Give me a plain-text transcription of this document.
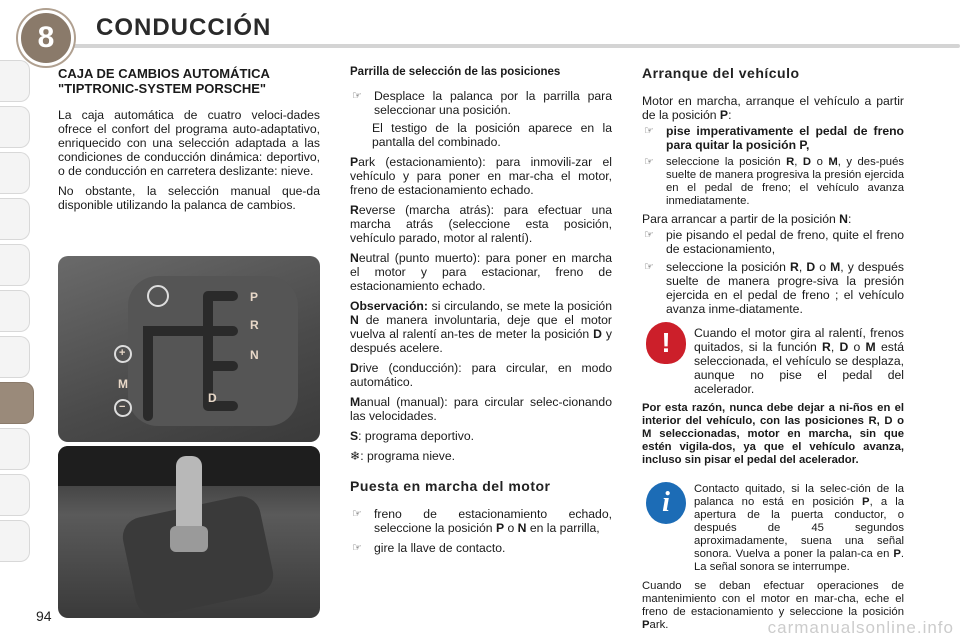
8	CONDUCCIÓN
CAJA DE CAMBIOS AUTOMÁTICA "TIPTRONIC-SYSTEM PORSCHE"

La caja automática de cuatro veloci-dades ofrece el confort del programa auto-adaptativo, enriquecido con una selección adaptada a las condiciones de conducción dinámica: deportivo, o de conducción en carretera deslizante: nieve.

No obstante, la selección manual que-da disponible utilizando la palanca de cambios.

P
R
N
D
M
+
−
Parrilla de selección de las posiciones
☞ Desplace la palanca por la parrilla para seleccionar una posición.

El testigo de la posición aparece en la pantalla del combinado.

Park (estacionamiento): para inmovili-zar el vehículo y para poner en mar-cha el motor, freno de estacionamiento echado.

Reverse (marcha atrás): para efectuar una marcha atrás (seleccione esta posición, vehículo parado, motor al ralentí).

Neutral (punto muerto): para poner en marcha el motor y para estacionar, freno de estacionamiento echado.

Observación: si circulando, se mete la posición N de manera involuntaria, deje que el motor vuelva al ralentí an-tes de meter la posición D y después acelere.

Drive (conducción): para circular, en modo automático.

Manual (manual): para circular selec-cionando las velocidades.

S: programa deportivo.

❄: programa nieve.

Puesta en marcha del motor
☞ freno de estacionamiento echado, seleccione la posición P o N en la parrilla,
☞ gire la llave de contacto.
Arranque del vehículo

Motor en marcha, arranque el vehículo a partir de la posición P:

☞ pise imperativamente el pedal de freno para quitar la posición P,
☞	seleccione la posición R, D o M, y des-pués suelte de manera progresiva la presión ejercida en el pedal de freno; el vehículo avanza inmediatamente.

Para arrancar a partir de la posición N:

☞ pie pisando el pedal de freno, quite el freno de estacionamiento,
☞ seleccione la posición R, D o M, y después suelte de manera progre-siva la presión ejercida en el pedal de freno ; el vehículo avanza inme-diatamente.

Cuando el motor gira al ralentí, frenos quitados, si la función R, D o M está seleccionada, el vehículo se desplaza, aunque no pise el pedal del acelerador.

Por esta razón, nunca debe dejar a ni-ños en el interior del vehículo, con las posiciones R, D o M seleccionadas, motor en marcha, sin que estén vigila-dos, ya que el vehículo avanza, incluso sin pisar el pedal del acelerador.

Contacto quitado, si la selec-ción de la palanca no está en posición P, a la apertura de la puerta conductor, o después de 45 segundos aproximadamente, suena una señal sonora. Vuelva a poner la palan-ca en P. La señal sonora se interrumpe.

Cuando se deban efectuar operaciones de mantenimiento con el motor en mar-cha, eche el freno de estacionamiento y seleccione la posición Park.

!
i
94
carmanualsonline.info
